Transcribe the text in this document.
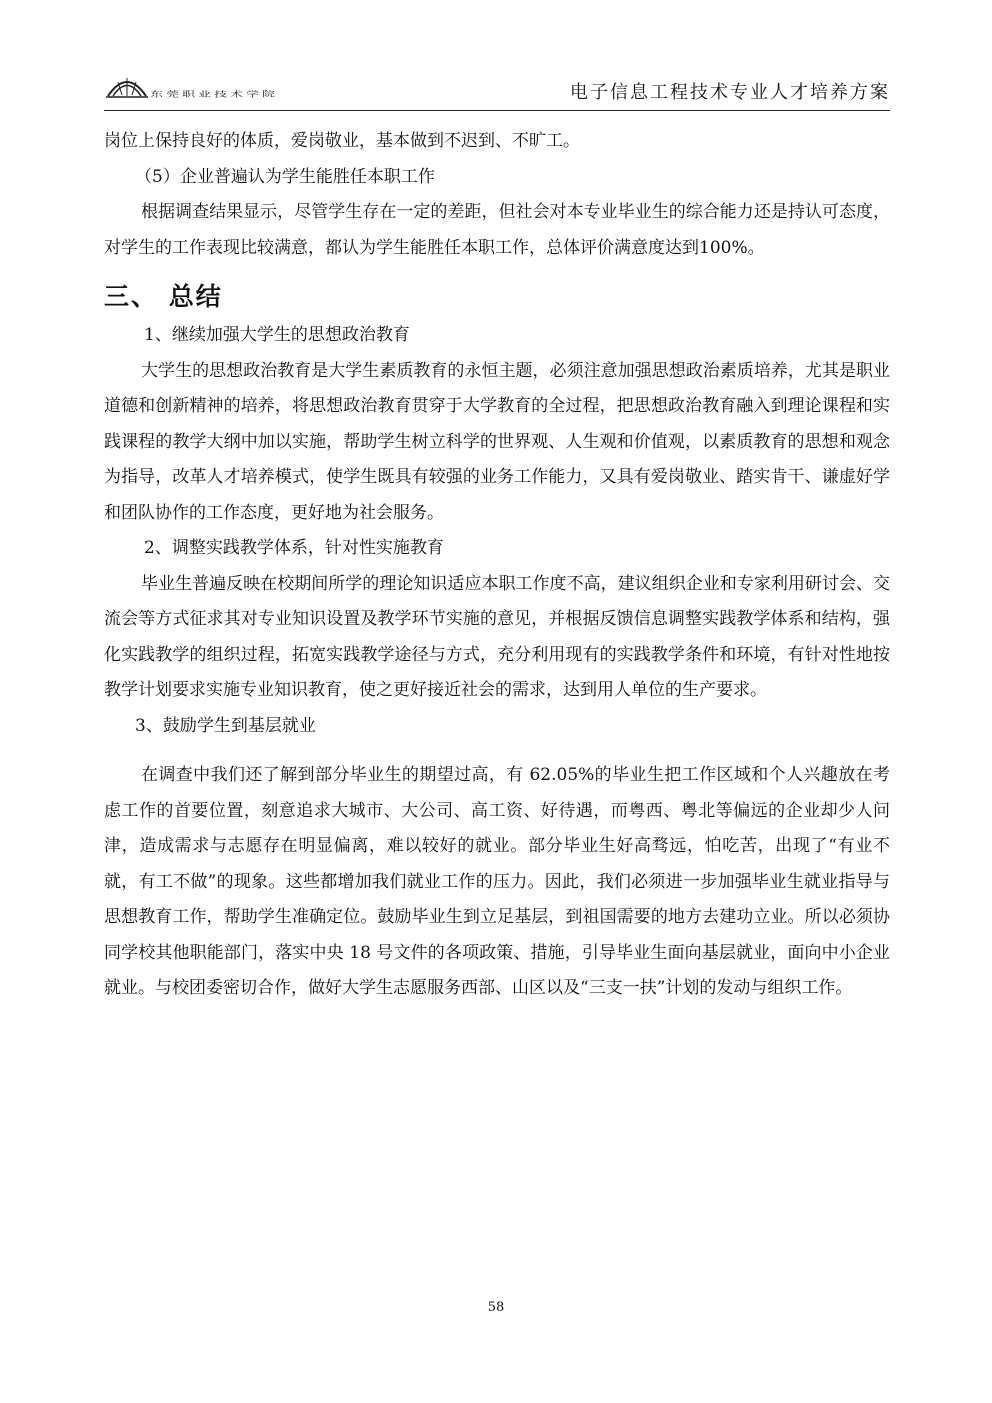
东莞职业技术学院	电子信息工程技术专业人才培养方案

岗位上保持良好的体质，爱岗敬业，基本做到不迟到、不旷工。

（5）企业普遍认为学生能胜任本职工作

根据调查结果显示，尽管学生存在一定的差距，但社会对本专业毕业生的综合能力还是持认可态度，对学生的工作表现比较满意，都认为学生能胜任本职工作，总体评价满意度达到100%。

三、 总结

1、继续加强大学生的思想政治教育

大学生的思想政治教育是大学生素质教育的永恒主题，必须注意加强思想政治素质培养，尤其是职业道德和创新精神的培养，将思想政治教育贯穿于大学教育的全过程，把思想政治教育融入到理论课程和实践课程的教学大纲中加以实施，帮助学生树立科学的世界观、人生观和价值观，以素质教育的思想和观念为指导，改革人才培养模式，使学生既具有较强的业务工作能力，又具有爱岗敬业、踏实肯干、谦虚好学和团队协作的工作态度，更好地为社会服务。

2、调整实践教学体系，针对性实施教育

毕业生普遍反映在校期间所学的理论知识适应本职工作度不高，建议组织企业和专家利用研讨会、交流会等方式征求其对专业知识设置及教学环节实施的意见，并根据反馈信息调整实践教学体系和结构，强化实践教学的组织过程，拓宽实践教学途径与方式，充分利用现有的实践教学条件和环境，有针对性地按教学计划要求实施专业知识教育，使之更好接近社会的需求，达到用人单位的生产要求。

3、鼓励学生到基层就业

在调查中我们还了解到部分毕业生的期望过高，有 62.05%的毕业生把工作区域和个人兴趣放在考虑工作的首要位置，刻意追求大城市、大公司、高工资、好待遇，而粤西、粤北等偏远的企业却少人问津，造成需求与志愿存在明显偏离，难以较好的就业。部分毕业生好高骛远，怕吃苦，出现了“有业不就，有工不做”的现象。这些都增加我们就业工作的压力。因此，我们必须进一步加强毕业生就业指导与思想教育工作，帮助学生准确定位。鼓励毕业生到立足基层，到祖国需要的地方去建功立业。所以必须协同学校其他职能部门，落实中央 18 号文件的各项政策、措施，引导毕业生面向基层就业，面向中小企业就业。与校团委密切合作，做好大学生志愿服务西部、山区以及“三支一扶”计划的发动与组织工作。

58
